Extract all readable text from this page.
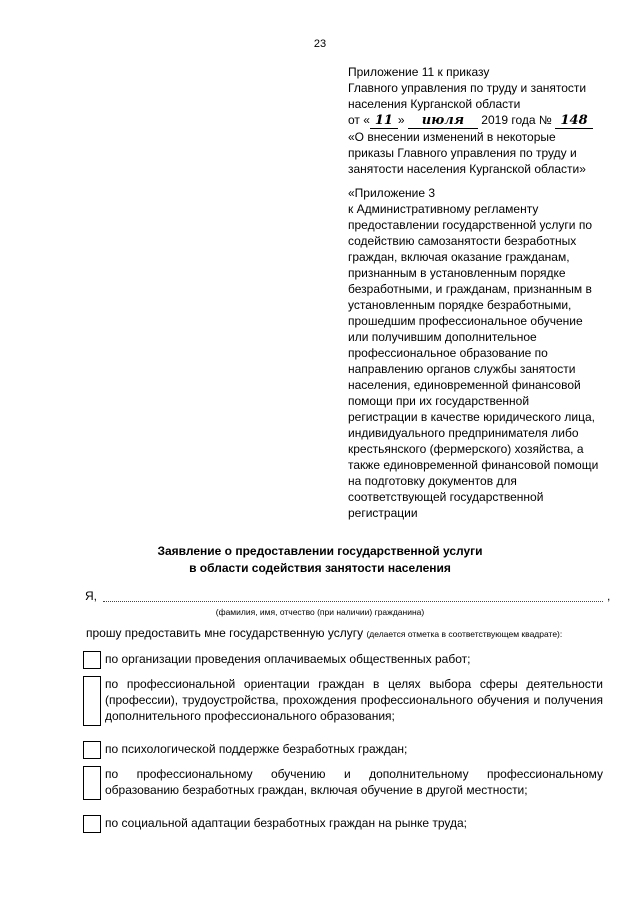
23
Приложение 11 к приказу
Главного управления по труду и занятости
населения Курганской области
от « 11 » июля 2019 года № 148
«О внесении изменений в некоторые
приказы Главного управления по труду и
занятости населения Курганской области»
«Приложение 3
к Административному регламенту
предоставлении государственной услуги по
содействию самозанятости безработных
граждан, включая оказание гражданам,
признанным в установленным порядке
безработными, и гражданам, признанным в
установленным порядке безработными,
прошедшим профессиональное обучение
или получившим дополнительное
профессиональное образование по
направлению органов службы занятости
населения, единовременной финансовой
помощи при их государственной
регистрации в качестве юридического лица,
индивидуального предпринимателя либо
крестьянского (фермерского) хозяйства, а
также единовременной финансовой помощи
на подготовку документов для
соответствующей государственной
регистрации
Заявление о предоставлении государственной услуги
в области содействия занятости населения
Я,	,
(фамилия, имя, отчество (при наличии) гражданина)
прошу предоставить мне государственную услугу (делается отметка в соответствующем квадрате):
по организации проведения оплачиваемых общественных работ;
по профессиональной ориентации граждан в целях выбора сферы деятельности (профессии), трудоустройства, прохождения профессионального обучения и получения дополнительного профессионального образования;
по психологической поддержке безработных граждан;
по профессиональному обучению и дополнительному профессиональному образованию безработных граждан, включая обучение в другой местности;
по социальной адаптации безработных граждан на рынке труда;
